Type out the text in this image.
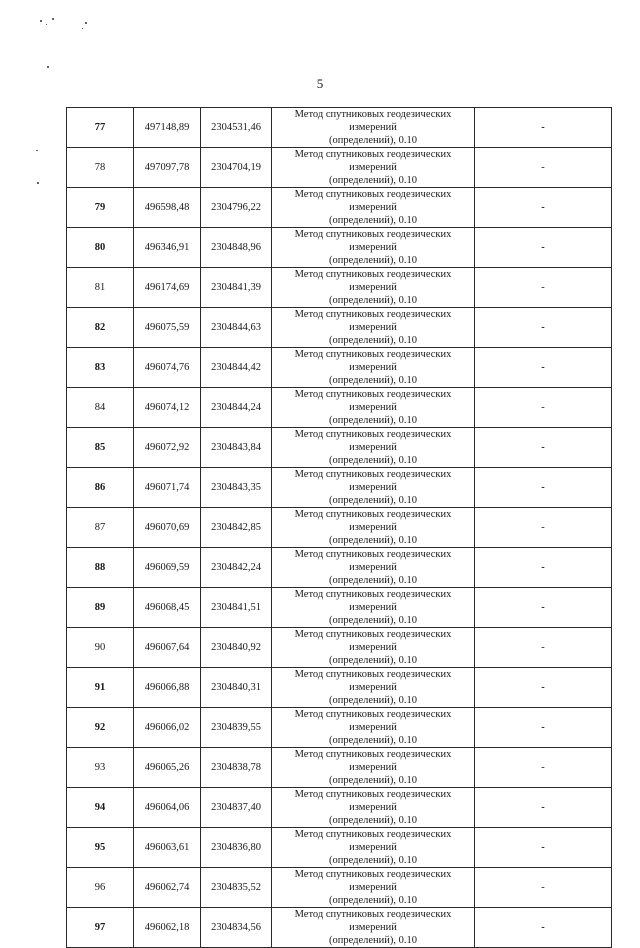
5
77	497148,89	2304531,46	Метод спутниковых геодезических измерений
(определений), 0.10	-
78	497097,78	2304704,19	Метод спутниковых геодезических измерений
(определений), 0.10	-
79	496598,48	2304796,22	Метод спутниковых геодезических измерений
(определений), 0.10	-
80	496346,91	2304848,96	Метод спутниковых геодезических измерений
(определений), 0.10	-
81	496174,69	2304841,39	Метод спутниковых геодезических измерений
(определений), 0.10	-
82	496075,59	2304844,63	Метод спутниковых геодезических измерений
(определений), 0.10	-
83	496074,76	2304844,42	Метод спутниковых геодезических измерений
(определений), 0.10	-
84	496074,12	2304844,24	Метод спутниковых геодезических измерений
(определений), 0.10	-
85	496072,92	2304843,84	Метод спутниковых геодезических измерений
(определений), 0.10	-
86	496071,74	2304843,35	Метод спутниковых геодезических измерений
(определений), 0.10	-
87	496070,69	2304842,85	Метод спутниковых геодезических измерений
(определений), 0.10	-
88	496069,59	2304842,24	Метод спутниковых геодезических измерений
(определений), 0.10	-
89	496068,45	2304841,51	Метод спутниковых геодезических измерений
(определений), 0.10	-
90	496067,64	2304840,92	Метод спутниковых геодезических измерений
(определений), 0.10	-
91	496066,88	2304840,31	Метод спутниковых геодезических измерений
(определений), 0.10	-
92	496066,02	2304839,55	Метод спутниковых геодезических измерений
(определений), 0.10	-
93	496065,26	2304838,78	Метод спутниковых геодезических измерений
(определений), 0.10	-
94	496064,06	2304837,40	Метод спутниковых геодезических измерений
(определений), 0.10	-
95	496063,61	2304836,80	Метод спутниковых геодезических измерений
(определений), 0.10	-
96	496062,74	2304835,52	Метод спутниковых геодезических измерений
(определений), 0.10	-
97	496062,18	2304834,56	Метод спутниковых геодезических измерений
(определений), 0.10	-
